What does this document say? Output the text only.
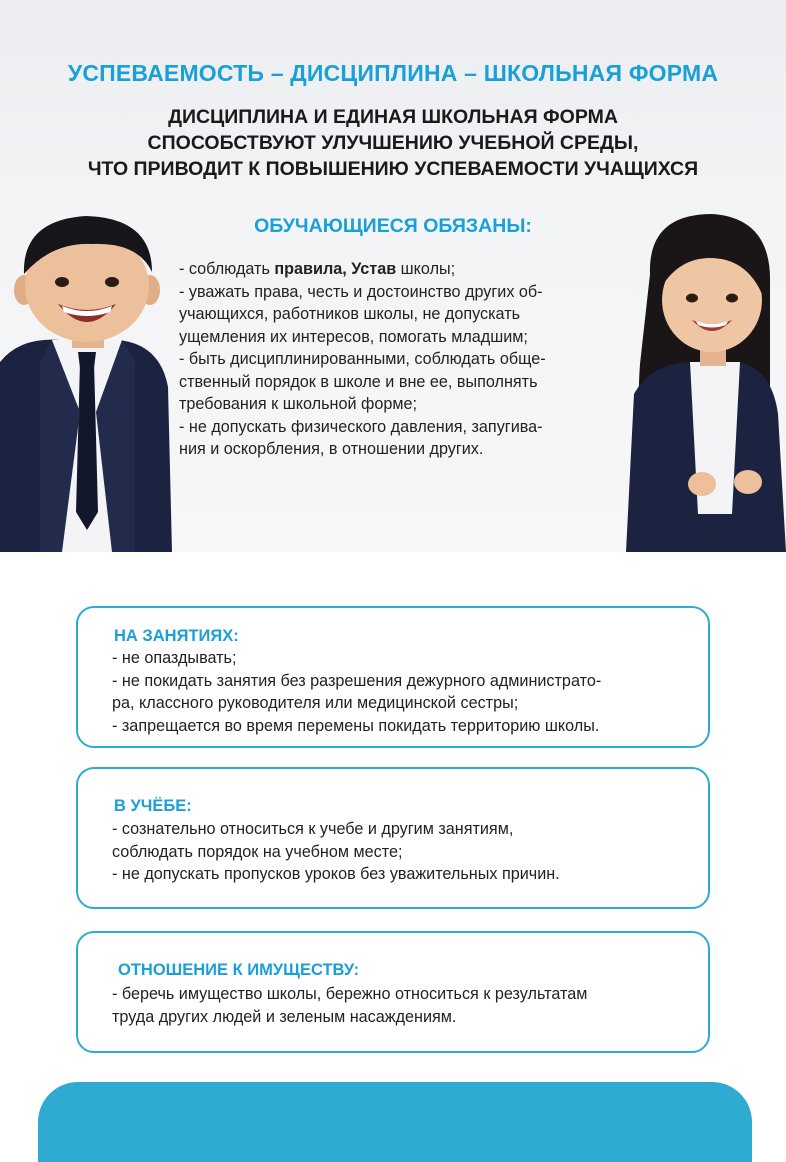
УСПЕВАЕМОСТЬ – ДИСЦИПЛИНА – ШКОЛЬНАЯ ФОРМА
ДИСЦИПЛИНА И ЕДИНАЯ ШКОЛЬНАЯ ФОРМА
СПОСОБСТВУЮТ УЛУЧШЕНИЮ УЧЕБНОЙ СРЕДЫ,
ЧТО ПРИВОДИТ К ПОВЫШЕНИЮ УСПЕВАЕМОСТИ УЧАЩИХСЯ
ОБУЧАЮЩИЕСЯ ОБЯЗАНЫ:
- соблюдать правила, Устав школы;
- уважать права, честь и достоинство других об-
учающихся, работников школы, не допускать
ущемления их интересов, помогать младшим;
- быть дисциплинированными, соблюдать обще-
ственный порядок в школе и вне ее, выполнять
требования к школьной форме;
- не допускать физического давления, запугива-
ния и оскорбления, в отношении других.
НА ЗАНЯТИЯХ:
- не опаздывать;
- не покидать занятия без разрешения дежурного администрато-
ра, классного руководителя или медицинской сестры;
- запрещается во время перемены покидать территорию школы.
В УЧЁБЕ:
- сознательно относиться к учебе и другим занятиям,
соблюдать порядок на учебном месте;
- не допускать пропусков уроков без уважительных причин.
ОТНОШЕНИЕ К ИМУЩЕСТВУ:
- беречь имущество школы, бережно относиться к результатам
труда других людей и зеленым насаждениям.
